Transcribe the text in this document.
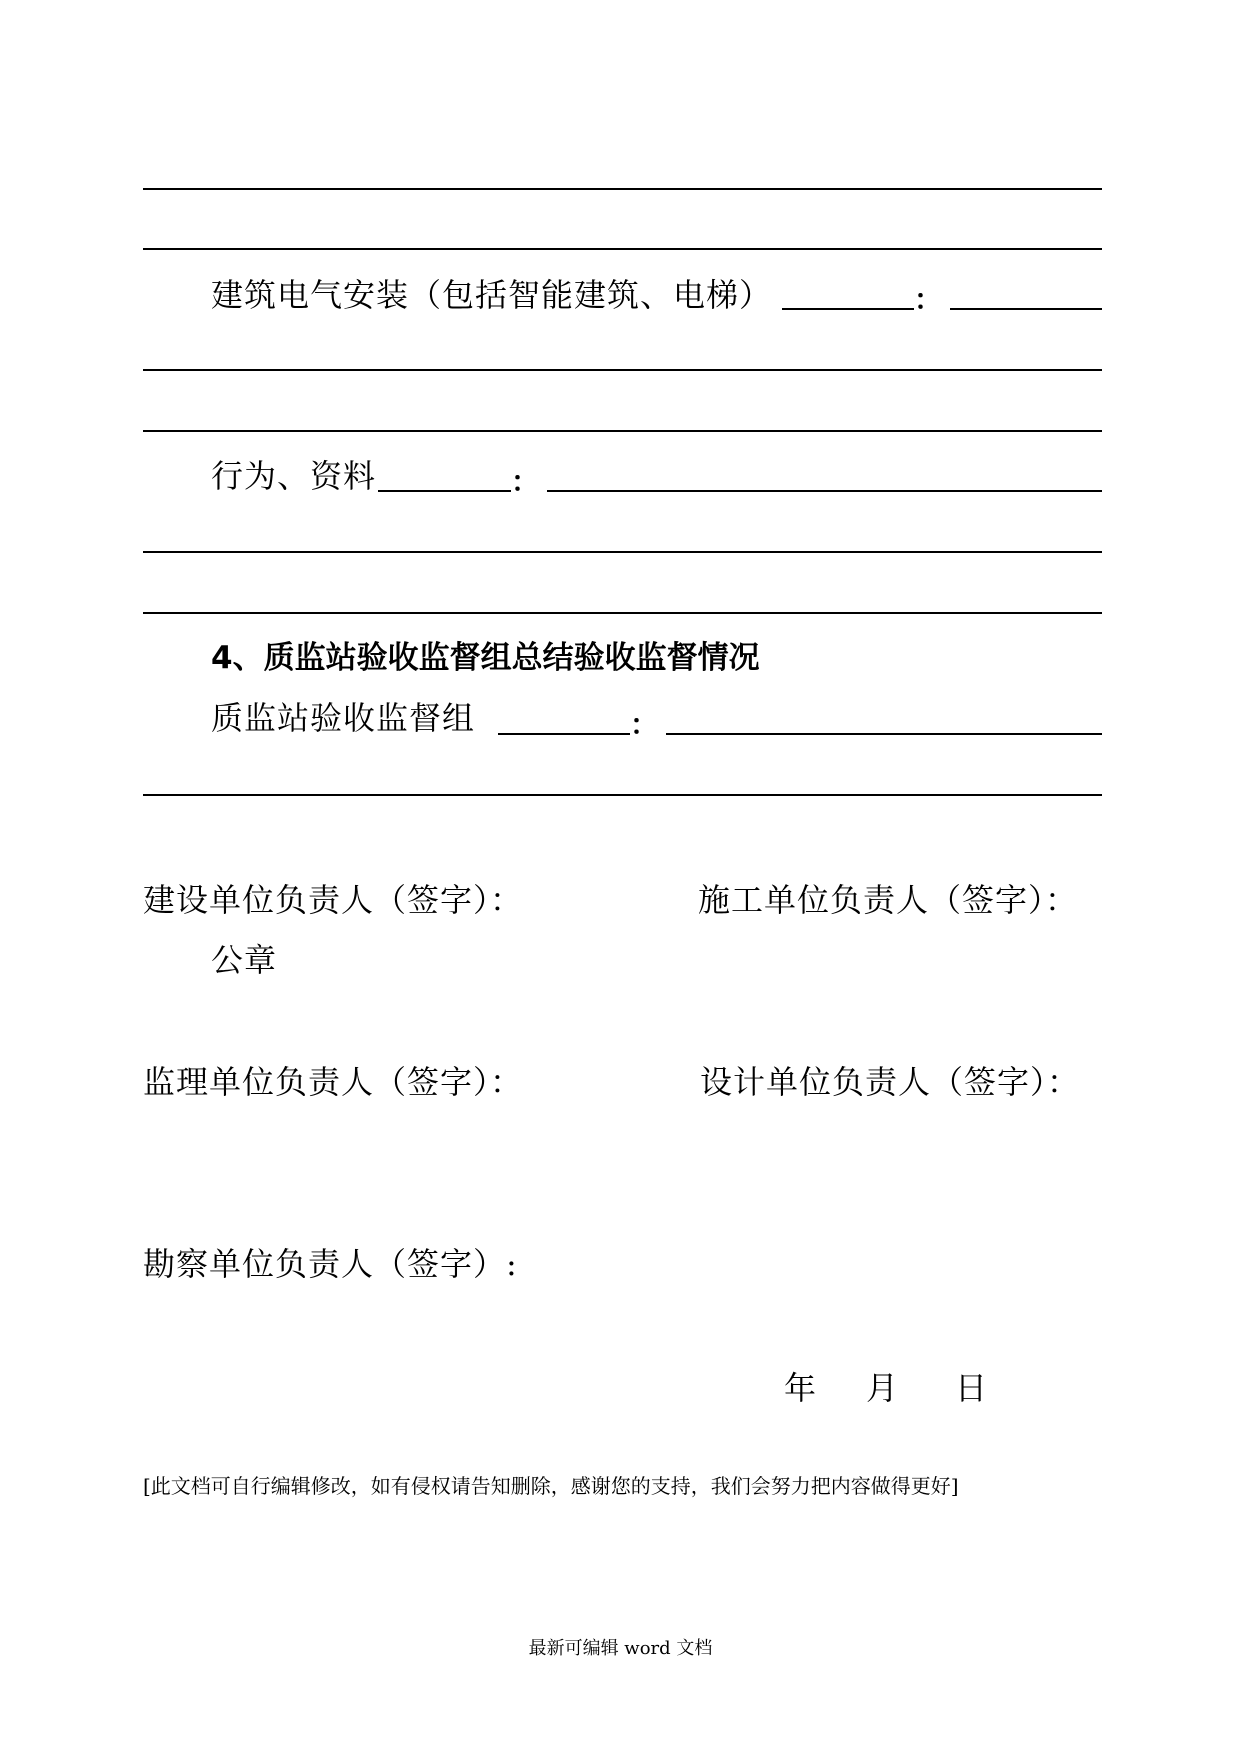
建筑电气安装（包括智能建筑、电梯）	：
行为、资料	：
4、质监站验收监督组总结验收监督情况
质监站验收监督组	：
建设单位负责人（签字）：	施工单位负责人（签字）：
公章
监理单位负责人（签字）：	设计单位负责人（签字）：
勘察单位负责人（签字）:
年 月 日
[此文档可自行编辑修改，如有侵权请告知删除，感谢您的支持，我们会努力把内容做得更好]
最新可编辑 word 文档
